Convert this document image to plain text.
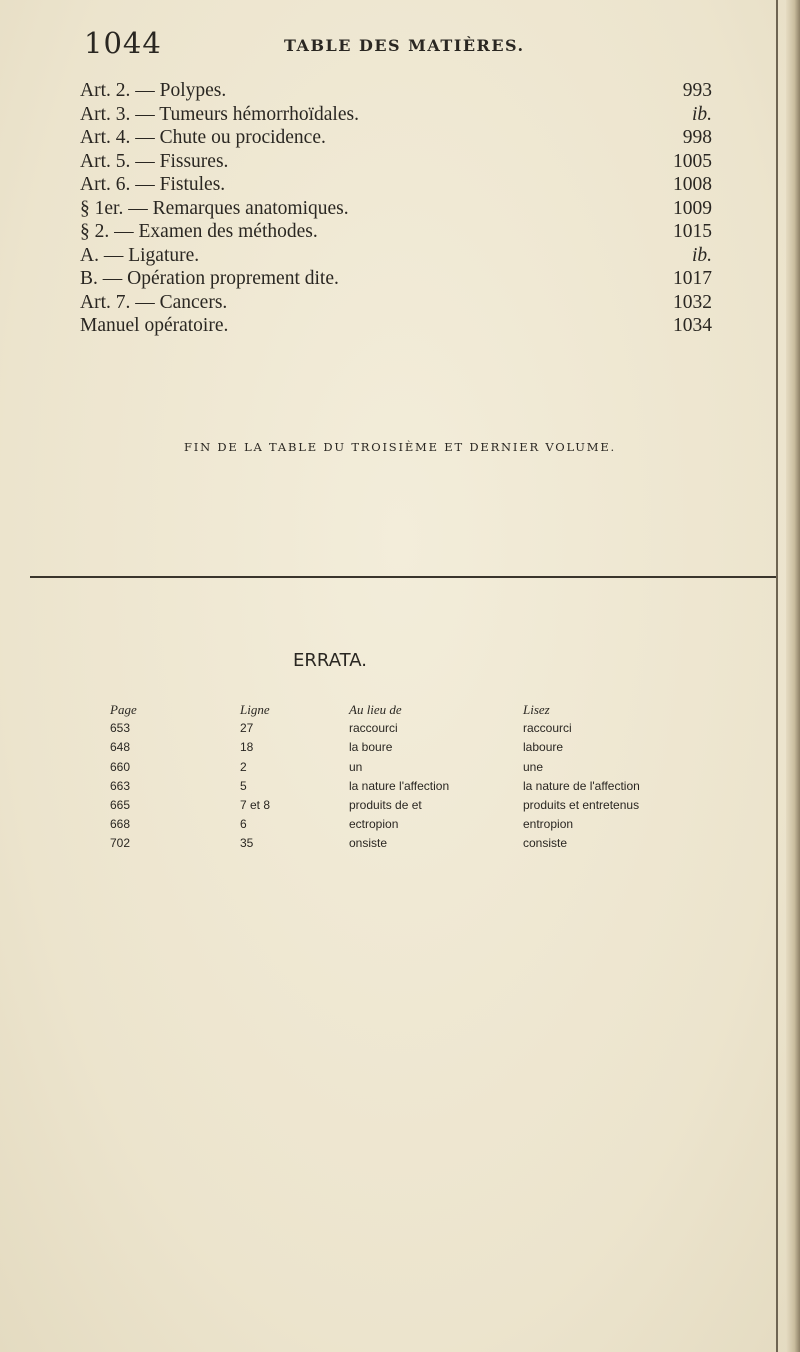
1044	TABLE DES MATIÈRES.
Art. 2. — Polypes.	993
Art. 3. — Tumeurs hémorrhoïdales.	ib.
Art. 4. — Chute ou procidence.	998
Art. 5. — Fissures.	1005
Art. 6. — Fistules.	1008
§ 1er. — Remarques anatomiques.	1009
§ 2. — Examen des méthodes.	1015
A. — Ligature.	ib.
B. — Opération proprement dite.	1017
Art. 7. — Cancers.	1032
Manuel opératoire.	1034
FIN DE LA TABLE DU TROISIÈME ET DERNIER VOLUME.
ERRATA.
Page	Ligne	Au lieu de	Lisez
653	27	raccourci	raccourci
648	18	la boure	laboure
660	2	un	une
663	5	la nature l'affection	la nature de l'affection
665	7 et 8	produits de et	produits et entretenus
668	6	ectropion	entropion
702	35	onsiste	consiste
